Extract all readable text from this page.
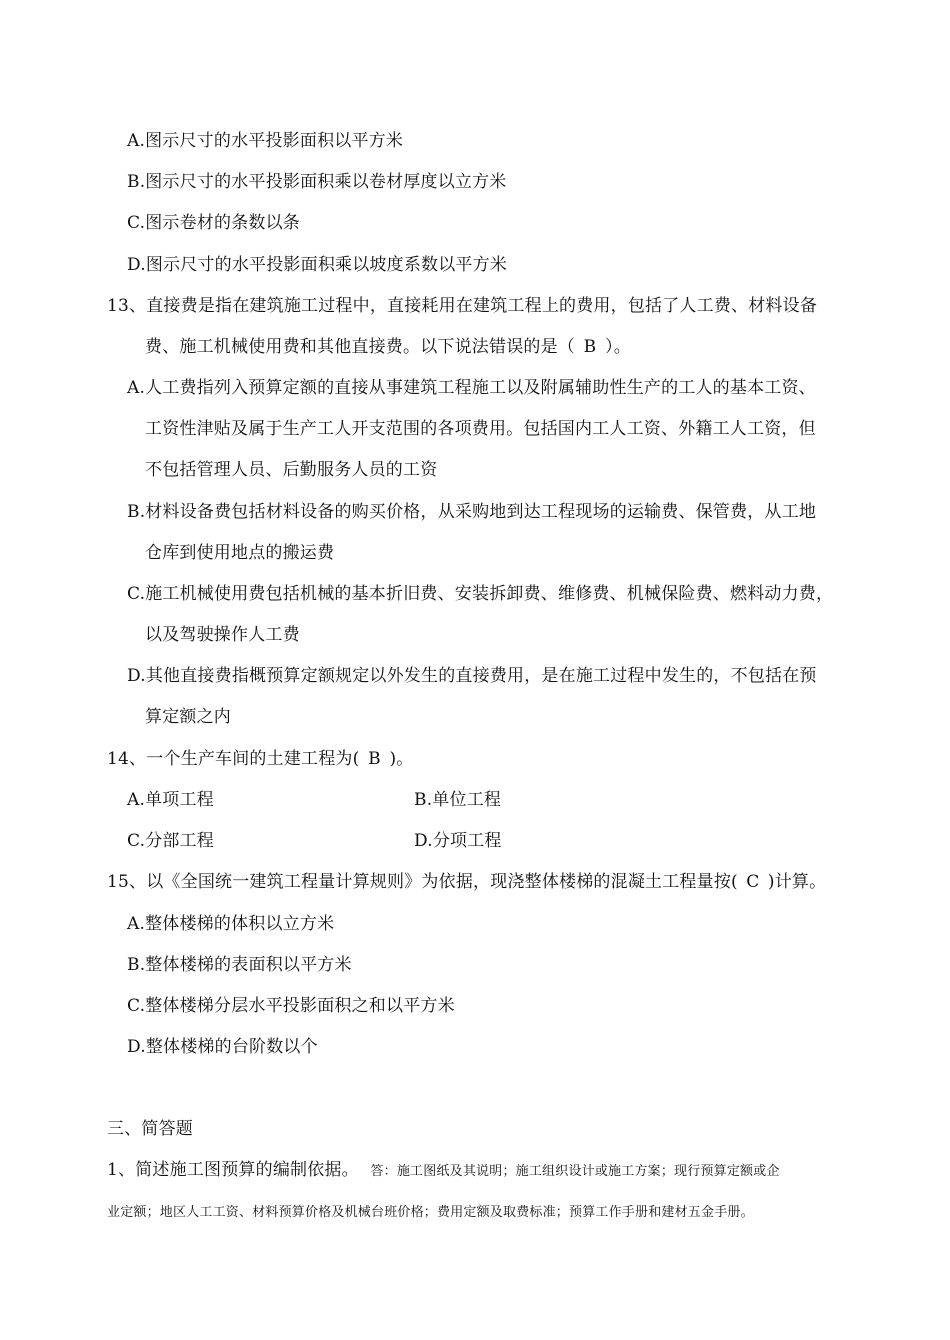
A.图示尺寸的水平投影面积以平方米
B.图示尺寸的水平投影面积乘以卷材厚度以立方米
C.图示卷材的条数以条
D.图示尺寸的水平投影面积乘以坡度系数以平方米
13、直接费是指在建筑施工过程中，直接耗用在建筑工程上的费用，包括了人工费、材料设备
费、施工机械使用费和其他直接费。以下说法错误的是（ B ）。
A.人工费指列入预算定额的直接从事建筑工程施工以及附属辅助性生产的工人的基本工资、
工资性津贴及属于生产工人开支范围的各项费用。包括国内工人工资、外籍工人工资，但
不包括管理人员、后勤服务人员的工资
B.材料设备费包括材料设备的购买价格，从采购地到达工程现场的运输费、保管费，从工地
仓库到使用地点的搬运费
C.施工机械使用费包括机械的基本折旧费、安装拆卸费、维修费、机械保险费、燃料动力费，
以及驾驶操作人工费
D.其他直接费指概预算定额规定以外发生的直接费用，是在施工过程中发生的，不包括在预
算定额之内
14、一个生产车间的土建工程为( B )。
A.单项工程	B.单位工程
C.分部工程	D.分项工程
15、以《全国统一建筑工程量计算规则》为依据，现浇整体楼梯的混凝土工程量按( C )计算。
A.整体楼梯的体积以立方米
B.整体楼梯的表面积以平方米
C.整体楼梯分层水平投影面积之和以平方米
D.整体楼梯的台阶数以个
三、简答题
1、简述施工图预算的编制依据。 答：施工图纸及其说明；施工组织设计或施工方案；现行预算定额或企
业定额；地区人工工资、材料预算价格及机械台班价格；费用定额及取费标准；预算工作手册和建材五金手册。
